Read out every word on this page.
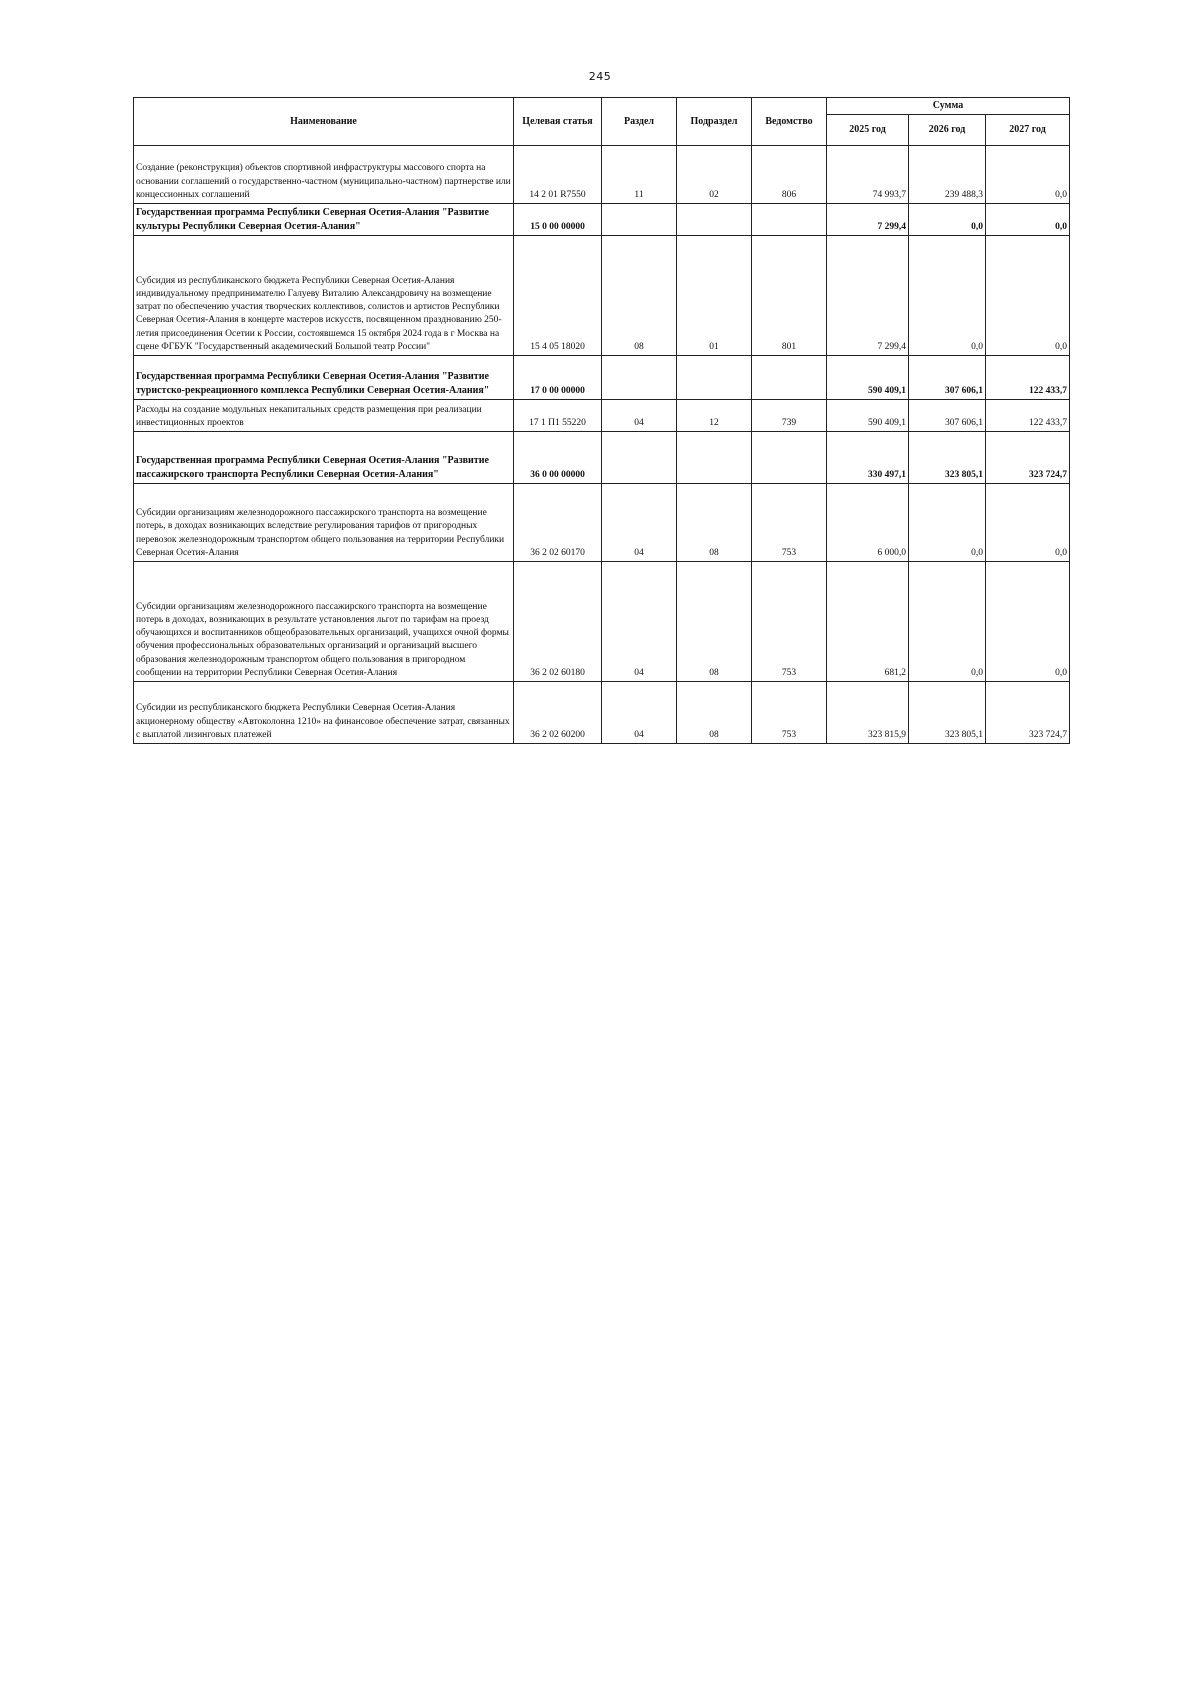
245
Наименование	Целевая статья	Раздел	Подраздел	Ведомство	Сумма		
					2025 год	2026 год	2027 год
Создание (реконструкция) объектов спортивной инфраструктуры массового спорта на основании соглашений о государственно-частном (муниципально-частном) партнерстве или концессионных соглашений	14 2 01 R7550	11	02	806	74 993,7	239 488,3	0,0
Государственная программа Республики Северная Осетия-Алания "Развитие культуры Республики Северная Осетия-Алания"	15 0 00 00000				7 299,4	0,0	0,0
Субсидия из республиканского бюджета Республики Северная Осетия-Алания индивидуальному предпринимателю Галуеву Виталию Александровичу на возмещение затрат по обеспечению участия творческих коллективов, солистов и артистов Республики Северная Осетия-Алания в концерте мастеров искусств, посвященном празднованию 250-летия присоединения Осетии к России, состоявшемся 15 октября 2024 года в г Москва на сцене ФГБУК "Государственный академический Большой театр России"	15 4 05 18020	08	01	801	7 299,4	0,0	0,0
Государственная программа Республики Северная Осетия-Алания "Развитие туристско-рекреационного комплекса Республики Северная Осетия-Алания"	17 0 00 00000				590 409,1	307 606,1	122 433,7
Расходы на создание модульных некапитальных средств размещения при реализации инвестиционных проектов	17 1 П1 55220	04	12	739	590 409,1	307 606,1	122 433,7
Государственная программа Республики Северная Осетия-Алания "Развитие пассажирского транспорта Республики Северная Осетия-Алания"	36 0 00 00000				330 497,1	323 805,1	323 724,7
Субсидии организациям железнодорожного пассажирского транспорта на возмещение потерь, в доходах возникающих вследствие регулирования тарифов от пригородных перевозок железнодорожным транспортом общего пользования на территории Республики Северная Осетия-Алания	36 2 02 60170	04	08	753	6 000,0	0,0	0,0
Субсидии организациям железнодорожного пассажирского транспорта на возмещение потерь в доходах, возникающих в результате установления льгот по тарифам на проезд обучающихся и воспитанников общеобразовательных организаций, учащихся очной формы обучения профессиональных образовательных организаций и организаций высшего образования железнодорожным транспортом общего пользования в пригородном сообщении на территории Республики Северная Осетия-Алания	36 2 02 60180	04	08	753	681,2	0,0	0,0
Субсидии из республиканского бюджета Республики Северная Осетия-Алания акционерному обществу «Автоколонна 1210» на финансовое обеспечение затрат, связанных с выплатой лизинговых платежей	36 2 02 60200	04	08	753	323 815,9	323 805,1	323 724,7
